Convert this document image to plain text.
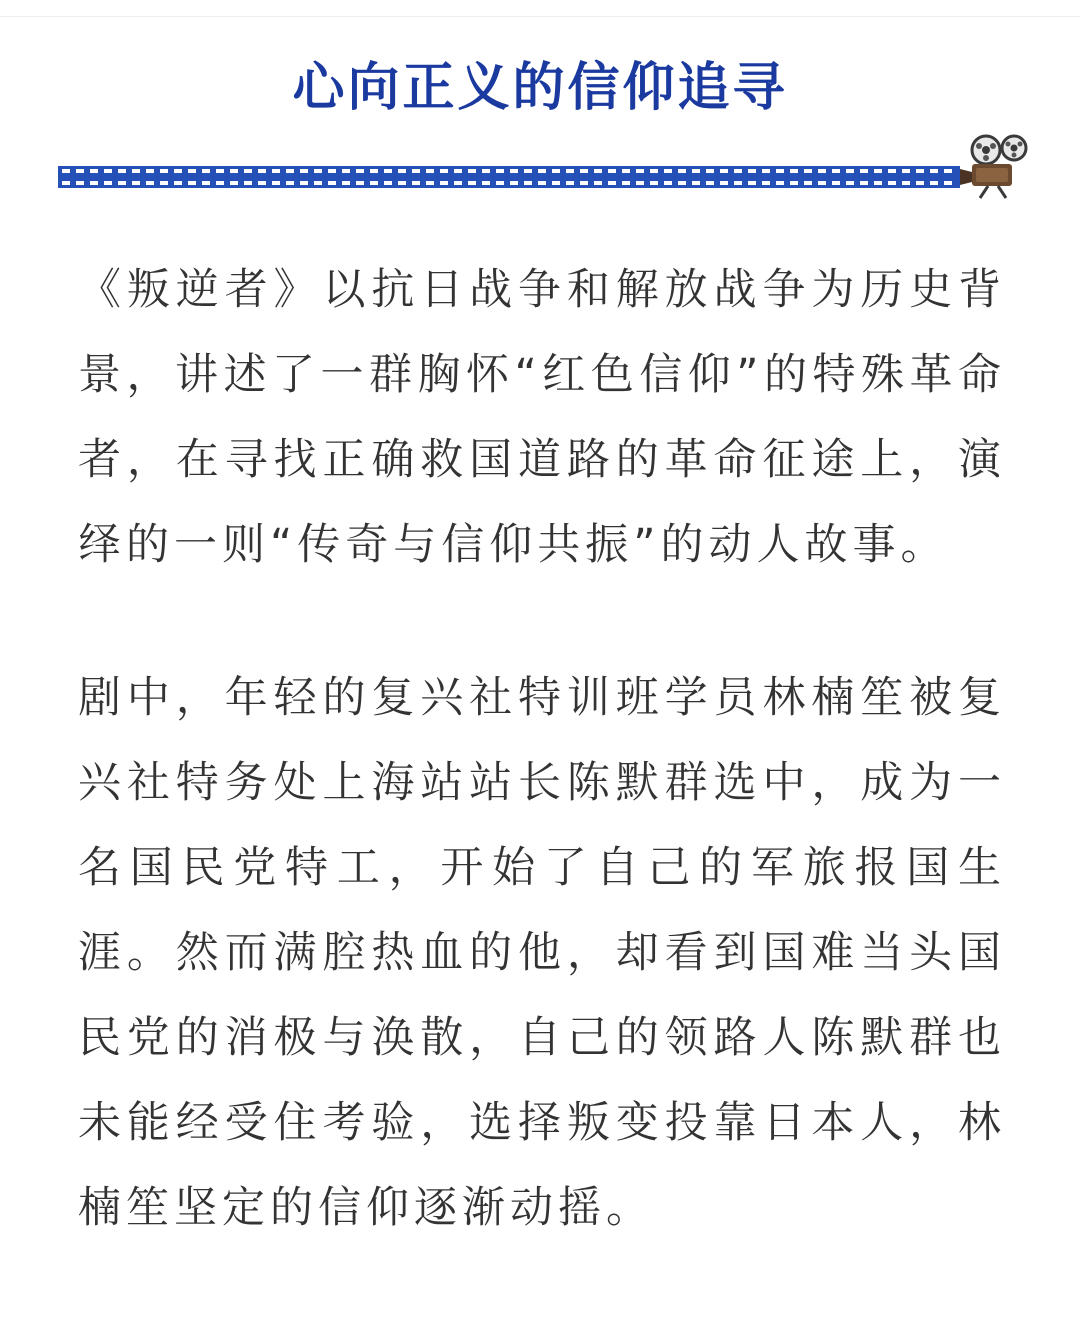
心向正义的信仰追寻

《叛逆者》以抗日战争和解放战争为历史背景，讲述了一群胸怀“红色信仰”的特殊革命者，在寻找正确救国道路的革命征途上，演绎的一则“传奇与信仰共振”的动人故事。

剧中，年轻的复兴社特训班学员林楠笙被复兴社特务处上海站站长陈默群选中，成为一名国民党特工，开始了自己的军旅报国生涯。然而满腔热血的他，却看到国难当头国民党的消极与涣散，自己的领路人陈默群也未能经受住考验，选择叛变投靠日本人，林楠笙坚定的信仰逐渐动摇。
